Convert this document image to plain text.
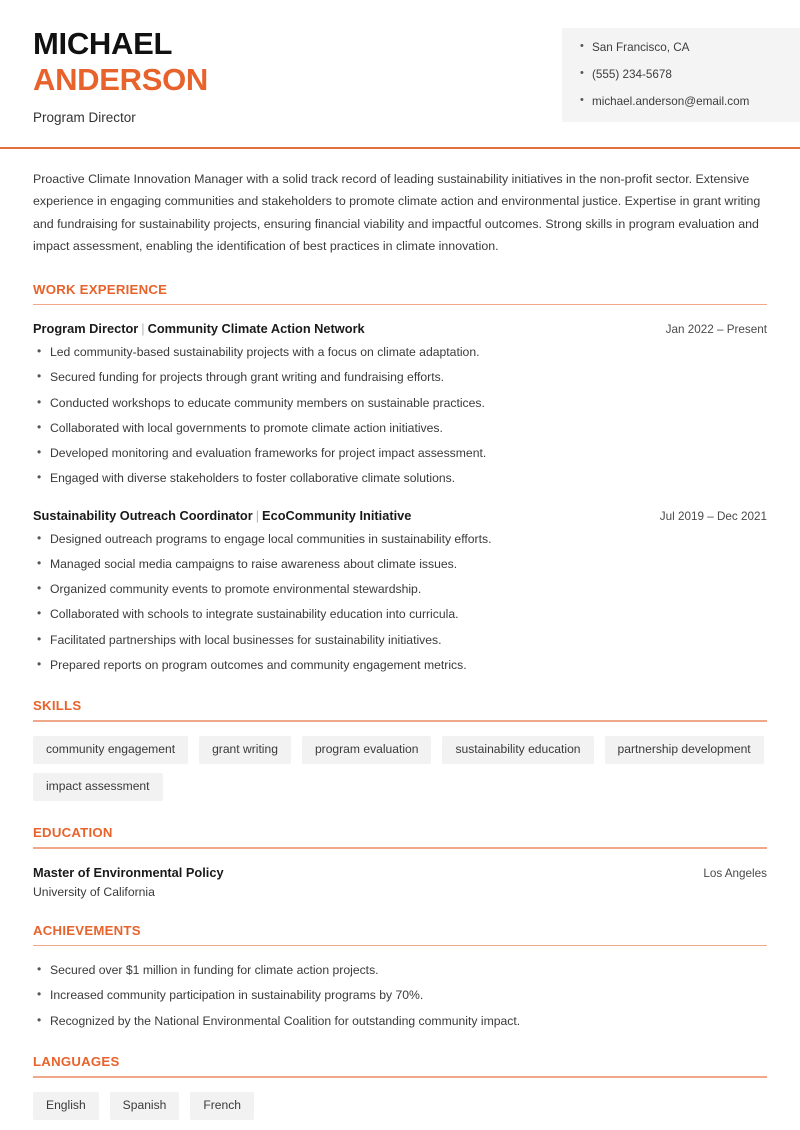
MICHAEL
ANDERSON
Program Director
• San Francisco, CA
• (555) 234-5678
• michael.anderson@email.com

Proactive Climate Innovation Manager with a solid track record of leading sustainability initiatives in the non-profit sector. Extensive experience in engaging communities and stakeholders to promote climate action and environmental justice. Expertise in grant writing and fundraising for sustainability projects, ensuring financial viability and impactful outcomes. Strong skills in program evaluation and impact assessment, enabling the identification of best practices in climate innovation.

WORK EXPERIENCE
Program Director | Community Climate Action Network	Jan 2022 – Present
• Led community-based sustainability projects with a focus on climate adaptation.
• Secured funding for projects through grant writing and fundraising efforts.
• Conducted workshops to educate community members on sustainable practices.
• Collaborated with local governments to promote climate action initiatives.
• Developed monitoring and evaluation frameworks for project impact assessment.
• Engaged with diverse stakeholders to foster collaborative climate solutions.
Sustainability Outreach Coordinator | EcoCommunity Initiative	Jul 2019 – Dec 2021
• Designed outreach programs to engage local communities in sustainability efforts.
• Managed social media campaigns to raise awareness about climate issues.
• Organized community events to promote environmental stewardship.
• Collaborated with schools to integrate sustainability education into curricula.
• Facilitated partnerships with local businesses for sustainability initiatives.
• Prepared reports on program outcomes and community engagement metrics.
SKILLS
community engagement	grant writing	program evaluation	sustainability education	partnership development
impact assessment
EDUCATION
Master of Environmental Policy	Los Angeles
University of California
ACHIEVEMENTS
• Secured over $1 million in funding for climate action projects.
• Increased community participation in sustainability programs by 70%.
• Recognized by the National Environmental Coalition for outstanding community impact.
LANGUAGES
English	Spanish	French
